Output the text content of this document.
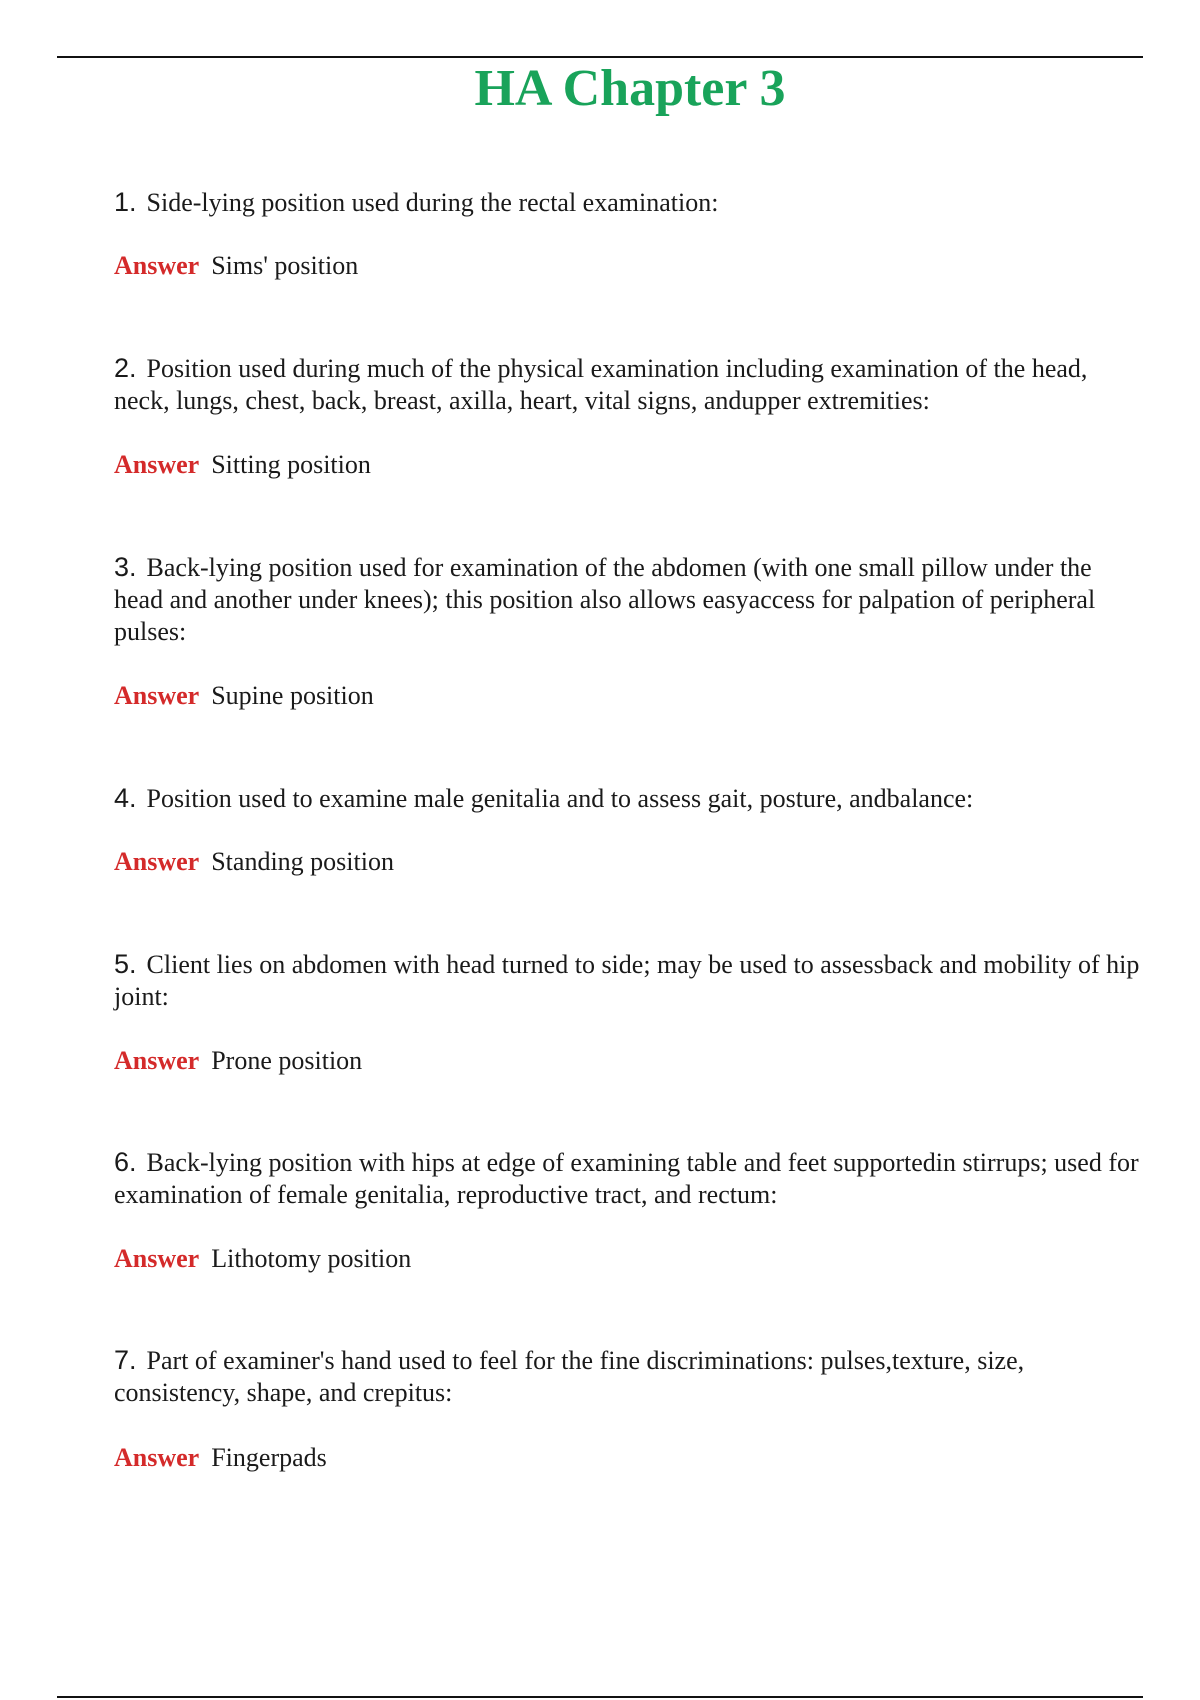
HA Chapter 3

1. Side-lying position used during the rectal examination:

Answer Sims' position

2. Position used during much of the physical examination including examination of the head, neck, lungs, chest, back, breast, axilla, heart, vital signs, andupper extremities:

Answer Sitting position

3. Back-lying position used for examination of the abdomen (with one small pillow under the head and another under knees); this position also allows easyaccess for palpation of peripheral pulses:

Answer Supine position

4. Position used to examine male genitalia and to assess gait, posture, andbalance:

Answer Standing position

5. Client lies on abdomen with head turned to side; may be used to assessback and mobility of hip joint:

Answer Prone position

6. Back-lying position with hips at edge of examining table and feet supportedin stirrups; used for examination of female genitalia, reproductive tract, and rectum:

Answer Lithotomy position

7. Part of examiner's hand used to feel for the fine discriminations: pulses,texture, size, consistency, shape, and crepitus:

Answer Fingerpads
